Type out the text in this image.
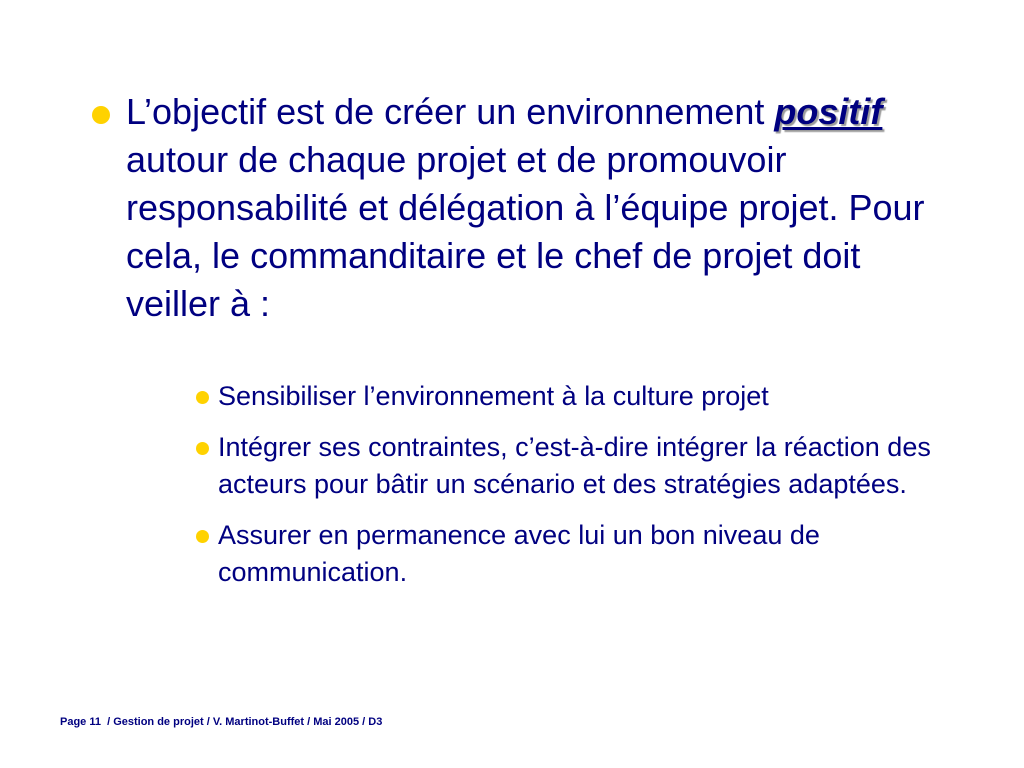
L’objectif est de créer un environnement positif autour de chaque projet et de promouvoir responsabilité et délégation à l’équipe projet. Pour cela, le commanditaire et le chef de projet doit veiller à :

Sensibiliser l’environnement à la culture projet

Intégrer ses contraintes, c’est-à-dire intégrer la réaction des acteurs pour bâtir un scénario et des stratégies adaptées.

Assurer en permanence avec lui un bon niveau de communication.

Page 11  / Gestion de projet / V. Martinot-Buffet / Mai 2005 / D3
